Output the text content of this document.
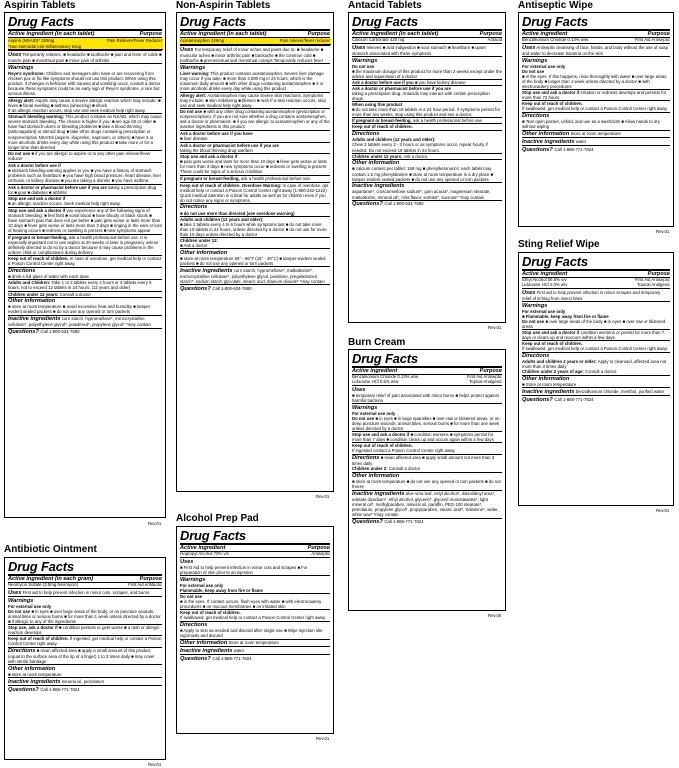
Aspirin Tablets
Drug Facts
Active ingredient (in each tablet)	Purpose
Aspirin (NSAID)* 325mg	Pain Reliever/Fever Reducer
*Non-Steroidal Anti-Inflammatory Drug
Uses Temporarily relieves: ■ headache ■ toothache ■ pain and fever of colds ■ muscle pain ■ menstrual pain ■ minor pain of arthritis
Warnings
Reye's syndrome: Children and teenagers who have or are recovering from chicken pox or flu-like symptoms should not use this product. When using this product, if changes in behavior with nausea and vomiting occur, consult a doctor because these symptoms could be an early sign of Reye's syndrome, a rare but serious illness.
Allergy alert: Aspirin may cause a severe allergic reaction which may include: ■ hives ■ facial swelling ■ asthma (wheezing) ■ shock
If an allergic reaction occurs, stop use and seek medical help right away.
Stomach bleeding warning: This product contains an NSAID, which may cause severe stomach bleeding. The chance is higher if you: ■ are age 60 or older ■ have had stomach ulcers or bleeding problems ■ take a blood thinning (anticoagulant) or steroid drug ■ take other drugs containing prescription or nonprescription NSAIDs (aspirin, ibuprofen, naproxen, or others) ■ have 3 or more alcoholic drinks every day while using this product ■ take more or for a longer time than directed
Do not use ■ if you are allergic to aspirin or to any other pain reliever/fever reducer
Ask a doctor before use if
■ stomach bleeding warning applies to you ■ you have a history of stomach problems such as heartburn ■ you have high blood pressure, heart disease, liver cirrhosis, or kidney disease ■ you are taking a diuretic ■ you have asthma
Ask a doctor or pharmacist before use if you are taking a prescription drug for ■ gout ■ diabetes ■ arthritis
Stop use and ask a doctor if
■ an allergic reaction occurs. Seek medical help right away.
Stop use and ask a doctor if you experience any of the following signs of stomach bleeding: ■ feel faint ■ vomit blood ■ have bloody or black stools ■ have stomach pain that does not get better ■ pain gets worse or lasts more than 10 days ■ fever gets worse or lasts more than 3 days ■ ringing in the ears or loss of hearing occurs ■ redness or swelling is present ■ new symptoms appear
If pregnant or breast-feeding, ask a health professional before use. It is especially important not to use aspirin at 20 weeks or later in pregnancy unless definitely directed to do so by a doctor because it may cause problems in the unborn child or complications during delivery.
Keep out of reach of children. In case of overdose, get medical help or contact a Poison Control Center right away.
Directions
■ drink a full glass of water with each dose
Adults and Children: Take 1 or 2 tablets every 4 hours or 3 tablets every 6 hours, not to exceed 12 tablets in 24 hours. (12 years and older)
Children under 12 years: Consult a doctor
Other information
■ store at room temperature ■ avoid excessive heat and humidity ■ tamper evident sealed packets ■ do not use any opened or torn packets
Inactive ingredients corn starch, hypromellose*, microcrystalline cellulose*, polyethylene glycol*, powdered*, propylene glycol* *may contain
Questions? Call 1-800-634-7680
Rev.01
Antibiotic Ointment
Drug Facts
Active ingredient (in each gram)	Purpose
Neomycin Sulfate (3.5mg Neomycin)	First Aid Antibiotic
Uses First aid to help prevent infection in minor cuts, scrapes, and burns
Warnings
For external use only
Do not use ■ in eyes ■ over large areas of the body, or on puncture wounds, animal bites or serious burns ■ for more than 1 week unless directed by a doctor ■ if allergic to any of the ingredients
Stop use, ask a doctor if ■ condition persists or gets worse ■ a rash or allergic reaction develops
Keep out of reach of children. If ingested, get medical help or contact a Poison Control Center right away.
Directions ■ clean affected area ■ apply a small amount of this product (equal to the surface area of the tip of a finger) 1 to 3 times daily ■ may cover with sterile bandage
Other information
■ store at room temperature
Inactive ingredients mineral oil, petrolatum
Questions? Call 1-888-771-7824
Rev.01
Non-Aspirin Tablets
Drug Facts
Active ingredient (in each tablet)	Purpose
Acetaminophen 325mg	Pain reliever/fever reducer
Uses For temporary relief of minor aches and pains due to: ■ headache ■ muscular aches ■ minor arthritic pain ■ backache ■ the common cold ■ toothache ■ premenstrual and menstrual cramps Temporarily reduces fever
Warnings
Liver warning: This product contains acetaminophen. Severe liver damage may occur if you take: ■ more than 4,000 mg in 24 hours, which is the maximum daily amount ■ with other drugs containing acetaminophen ■ 3 or more alcoholic drinks every day while using this product
Allergy alert: Acetaminophen may cause severe skin reactions. Symptoms may include: ■ skin reddening ■ blisters ■ rash If a skin reaction occurs, stop use and seek medical help right away.
Do not use ■ with any other drug containing acetaminophen (prescription or nonprescription). If you are not sure whether a drug contains acetaminophen, ask a doctor or pharmacist. ■ if you are allergic to acetaminophen or any of the inactive ingredients in this product
Ask a doctor before use if you have
■ liver disease
Ask a doctor or pharmacist before use if you are
taking the blood thinning drug warfarin
Stop use and ask a doctor if
■ pain gets worse and lasts for more than 10 days ■ fever gets worse or lasts for more than 3 days ■ new symptoms occur ■ redness or swelling is present These could be signs of a serious condition
If pregnant or breast-feeding, ask a health professional before use.
Keep out of reach of children. Overdose Warning: In case of overdose, get medical help or contact a Poison Control Center right away (1-800-222-1222) Quick medical attention is critical for adults as well as for children even if you do not notice any signs or symptoms.
Directions
■ do not use more than directed (see overdose warning)
Adults and children (12 years and older):
■ take 2 tablets every 4 to 6 hours while symptoms last ■ do not take more than 10 tablets in 24 hours, unless directed by a doctor ■ do not use for more than 10 days unless directed by a doctor
Children under 12:
■ Ask a doctor
Other information
■ store at room temperature 68° - 86°F (15° - 30°C) ■ tamper-evident sealed packets ■ do not use any opened or torn packets
Inactive ingredients corn starch, hypromellose*, maltodextrin*, microcrystalline cellulose*, polyethylene glycol, povidone, pregelatinized starch*, sodium starch glycolate, stearic acid, titanium dioxide* *may contain
Questions? Call 1-800-634-7680
Rev.01
Alcohol Prep Pad
Drug Facts
Active ingredient	Purpose
Isopropyl Alcohol 70% v/v	Antiseptic
Uses
■ First Aid to help prevent infection in minor cuts and scrapes ■ For preparation of skin prior to an injection
Warnings
For external use only
Flammable, keep away from fire or flame
Do not use
■ in the eyes. If contact occurs, flush eyes with water ■ with electrocautery procedures ■ on mucous membranes ■ on irritated skin
Keep out of reach of children.
If swallowed, get medical help or contact a Poison Control Center right away.
Directions
■ Apply to skin as needed and discard after single use ■ Wipe injection site vigorously and discard
Other information Store at room temperature
Inactive ingredients water
Questions? Call 1-888-771-7824
Rev.01
Antacid Tablets
Drug Facts
Active ingredient (in each tablet)	Purpose
Calcium Carbonate 420 mg	Antacid
Uses relieves ■ acid indigestion ■ sour stomach ■ heartburn ■ upset stomach associated with these symptoms
Warnings
Do not use
■ the maximum dosage of this product for more than 2 weeks except under the advice and supervision of a doctor
Ask a doctor before use if you ■ you have kidney disease
Ask a doctor or pharmacist before use if you are
taking a prescription drug. Antacids may interact with certain prescription drugs.
When using this product
■ do not take more than 19 tablets in a 24 hour period. If symptoms persist for more than two weeks, stop using this product and see a doctor.
If pregnant or breast-feeding, ask a health professional before use.
Keep out of reach of children.
Directions
Adults and children (12 years and older):
Chew 2 tablets every 2 - 3 hours or as symptoms occur, repeat hourly if needed. Do not exceed 19 tablets in 24 hours.
Children under 12 years: Ask a doctor
Other information
■ calcium content per tablet: 168 mg ■ phenylketonurics: each tablet may contain 1.5 mg phenylalanine ■ store at room temperature in a dry place ■ tamper evident sealed packets ■ do not use any opened or torn packets
Inactive ingredients
aspartame*, croscarmellose sodium*, gum acacia*, magnesium stearate, maltodextrin, mineral oil*, mint flavor, sorbitol*, sucrose* *may contain
Questions? Call 1-800-634-7680
Rev.01
Burn Cream
Drug Facts
Active ingredient	Purpose
Benzalkonium Chloride 0.13% w/w	First Aid Antiseptic
Lidocaine HCl 0.5% w/w	Topical Analgesic
Uses
■ temporary relief of pain associated with minor burns ■ helps protect against harmful bacteria
Warnings
For external use only
Do not use ■ in eyes ■ in large quantities ■ over raw or blistered areas, or on deep puncture wounds, animal bites, serious burns ■ for more than one week unless directed by a doctor
Stop use and ask a doctor if ■ condition worsens ■ symptoms persist for more than 7 days ■ condition clears up and occurs again within a few days
Keep out of reach of children.
If ingested contact a Poison Control Center right away.
Directions ■ clean affected area ■ apply small amount not more than 3 times daily
Children under 2: Consult a doctor
Other information
■ store at room temperature ■ do not use any opened or torn packets ■ do not freeze
Inactive ingredients aloe vera leaf, cetyl alcohol*, diazolidinyl urea*, edetate disodium*, ethyl alcohol, glycerin*, glyceryl monostearate*, light mineral oil*, methylparaben, mineral oil, paraffin, PEG-100 stearate*, petrolatum, propylene glycol*, propylparaben, stearic acid*, trolamine*, water, white wax* *may contain
Questions? Call 1-888-771-7824
Rev.00
Antiseptic Wipe
Drug Facts
Active ingredient	Purpose
Benzalkonium Chloride 0.13% w/w	First Aid Antiseptic
Uses Antiseptic cleansing of face, hands, and body without the use of soap and water to decrease bacteria on the skin
Warnings
For external use only
Do not use
■ in the eyes. If this happens, rinse thoroughly with water ■ over large areas of the body ■ longer than 1 week unless directed by a doctor ■ with electrocautery procedures
Stop use and ask a doctor if irritation or redness develops and persists for more than 72 hours
Keep out of reach of children.
If swallowed, get medical help or contact a Poison Control Center right away
Directions
■ Tear open packet, unfold, and use as a washcloth ■ Allow hands to dry without wiping
Other information Store at room temperature
Inactive ingredients water
Questions? Call 1-888-771-7824
Rev.01
Sting Relief Wipe
Drug Facts
Active ingredient	Purpose
Ethyl Alcohol 56.6% v/v	First Aid Antiseptic
Lidocaine HCl 2.0% w/v	Topical Analgesic
Uses First aid to help prevent infection in minor scrapes and temporary relief of itching from insect bites.
Warnings
For external use only
■ Flammable, keep away from fire or flame
Do not use ■ over large areas of the body ■ in eyes ■ over raw or blistered areas
Stop use and ask a doctor if condition worsens or persist for more than 7 days or clears up and reoccurs within a few days.
Keep out of reach of children.
If swallowed, get medical help or contact a Poison Control Center right away.
Directions
Adults and children 2 years or older: Apply to cleansed, affected area not more than 3 times daily
Children under 2 years of age: Consult a doctor.
Other information
■ Store at room temperature
Inactive ingredients benzalkonium chloride, menthol, purified water
Questions? Call 1-888-771-7824
Rev.01
